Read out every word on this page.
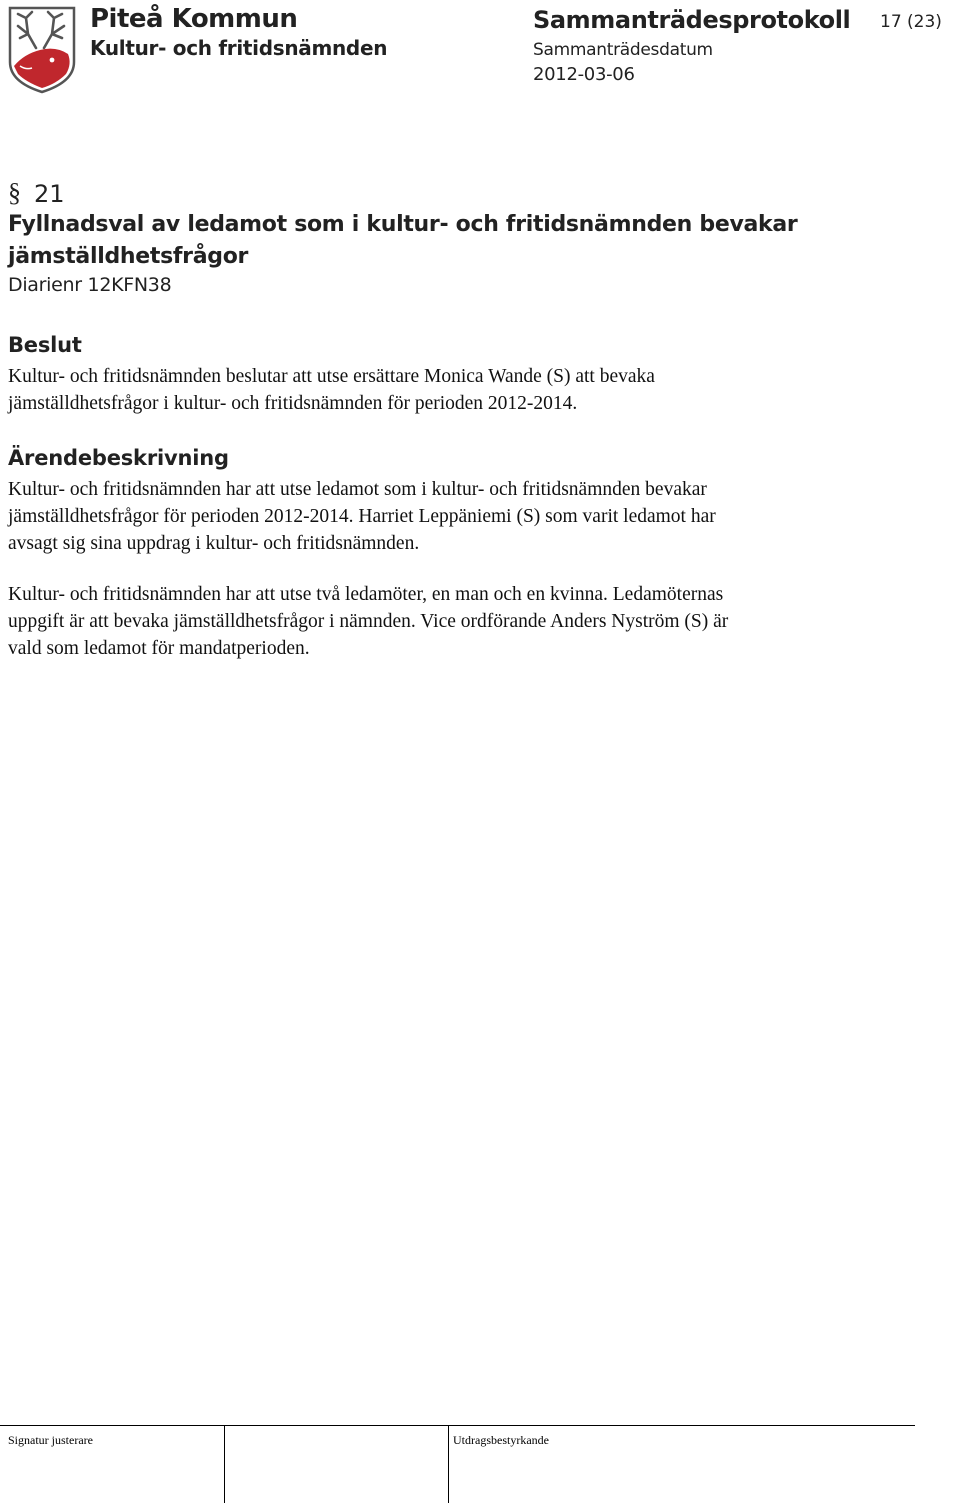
Piteå Kommun
Kultur- och fritidsnämnden
Sammanträdesprotokoll
Sammanträdesdatum
2012-03-06
17 (23)
§ 21
Fyllnadsval av ledamot som i kultur- och fritidsnämnden bevakar
jämställdhetsfrågor
Diarienr 12KFN38
Beslut
Kultur- och fritidsnämnden beslutar att utse ersättare Monica Wande (S) att bevaka
jämställdhetsfrågor i kultur- och fritidsnämnden för perioden 2012-2014.
Ärendebeskrivning
Kultur- och fritidsnämnden har att utse ledamot som i kultur- och fritidsnämnden bevakar
jämställdhetsfrågor för perioden 2012-2014. Harriet Leppäniemi (S) som varit ledamot har
avsagt sig sina uppdrag i kultur- och fritidsnämnden.
Kultur- och fritidsnämnden har att utse två ledamöter, en man och en kvinna. Ledamöternas
uppgift är att bevaka jämställdhetsfrågor i nämnden. Vice ordförande Anders Nyström (S) är
vald som ledamot för mandatperioden.
Signatur justerare	Utdragsbestyrkande
